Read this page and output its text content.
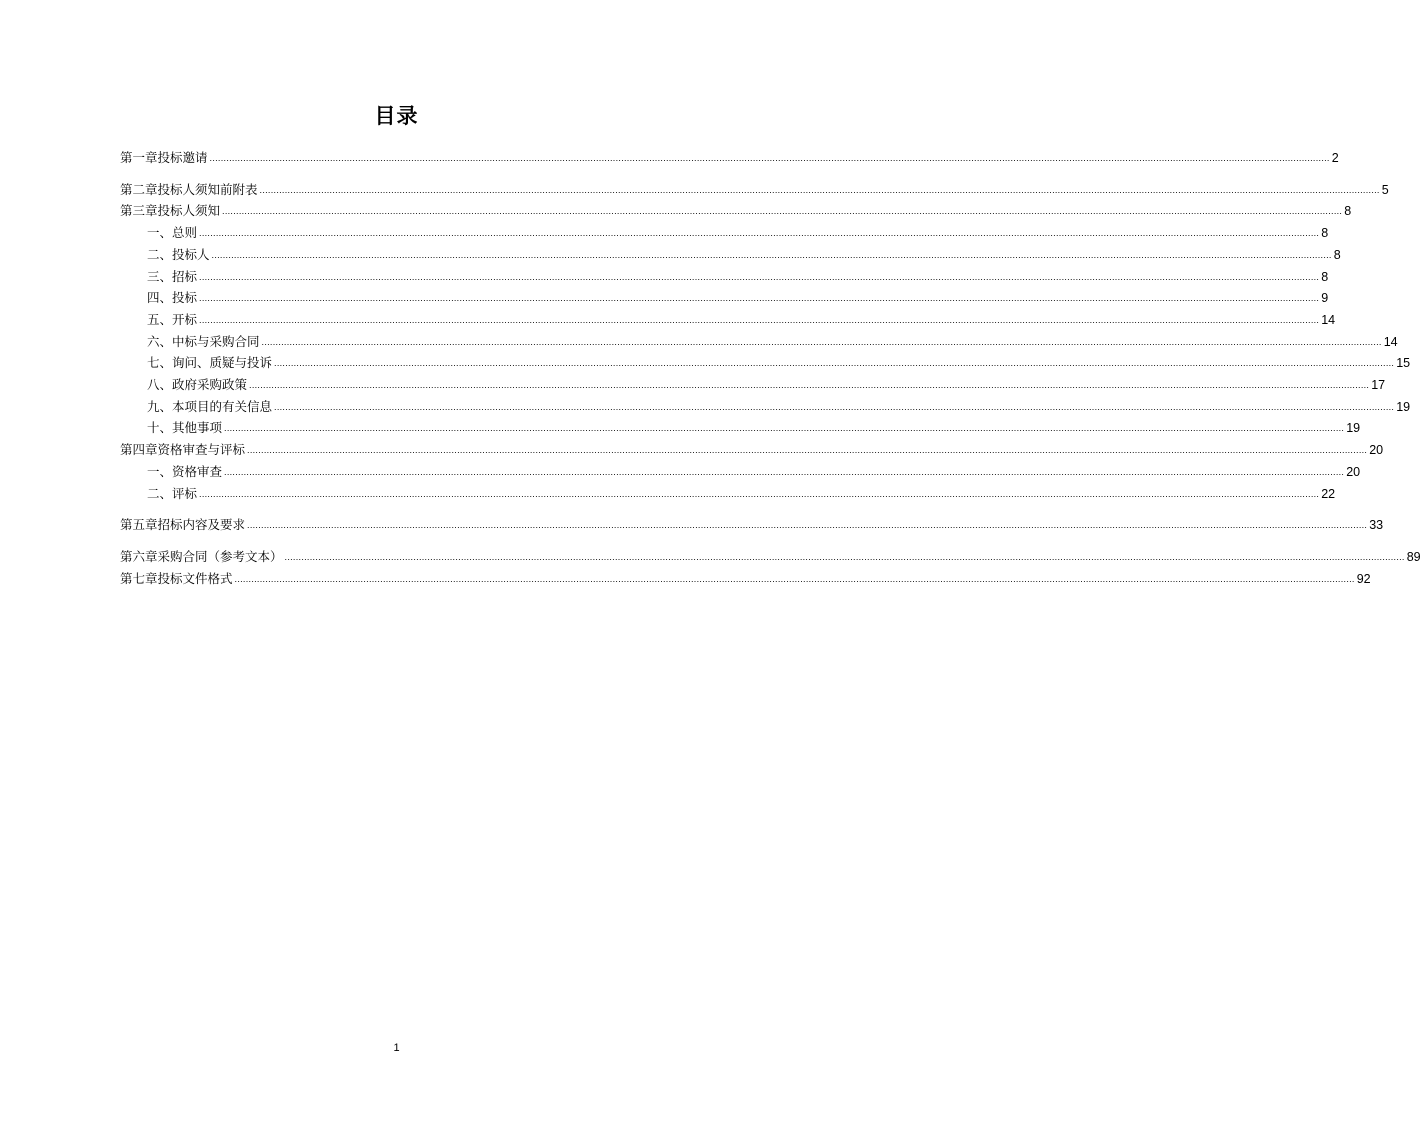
目录
第一章 投标邀请 ................................................................................................................................................................................................................................................................................................................................................................................................................ 2
第二章 投标人须知前附表 ................................................................................................................................................................................................................................................................................................................................................................................................................ 5
第三章 投标人须知 ................................................................................................................................................................................................................................................................................................................................................................................................................ 8
一、 总则 ................................................................................................................................................................................................................................................................................................................................................................................................................ 8
二、 投标人 ................................................................................................................................................................................................................................................................................................................................................................................................................ 8
三、 招标 ................................................................................................................................................................................................................................................................................................................................................................................................................ 8
四、 投标 ................................................................................................................................................................................................................................................................................................................................................................................................................ 9
五、 开标 ................................................................................................................................................................................................................................................................................................................................................................................................................ 14
六、 中标与采购合同 ................................................................................................................................................................................................................................................................................................................................................................................................................ 14
七、 询问、质疑与投诉 ................................................................................................................................................................................................................................................................................................................................................................................................................ 15
八、 政府采购政策 ................................................................................................................................................................................................................................................................................................................................................................................................................ 17
九、 本项目的有关信息 ................................................................................................................................................................................................................................................................................................................................................................................................................ 19
十、 其他事项 ................................................................................................................................................................................................................................................................................................................................................................................................................ 19
第四章 资格审查与评标 ................................................................................................................................................................................................................................................................................................................................................................................................................ 20
一、 资格审查 ................................................................................................................................................................................................................................................................................................................................................................................................................ 20
二、 评标 ................................................................................................................................................................................................................................................................................................................................................................................................................ 22
第五章 招标内容及要求 ................................................................................................................................................................................................................................................................................................................................................................................................................ 33
第六章 采购合同（参考文本） ................................................................................................................................................................................................................................................................................................................................................................................................................ 89
第七章 投标文件格式 ................................................................................................................................................................................................................................................................................................................................................................................................................ 92
1
